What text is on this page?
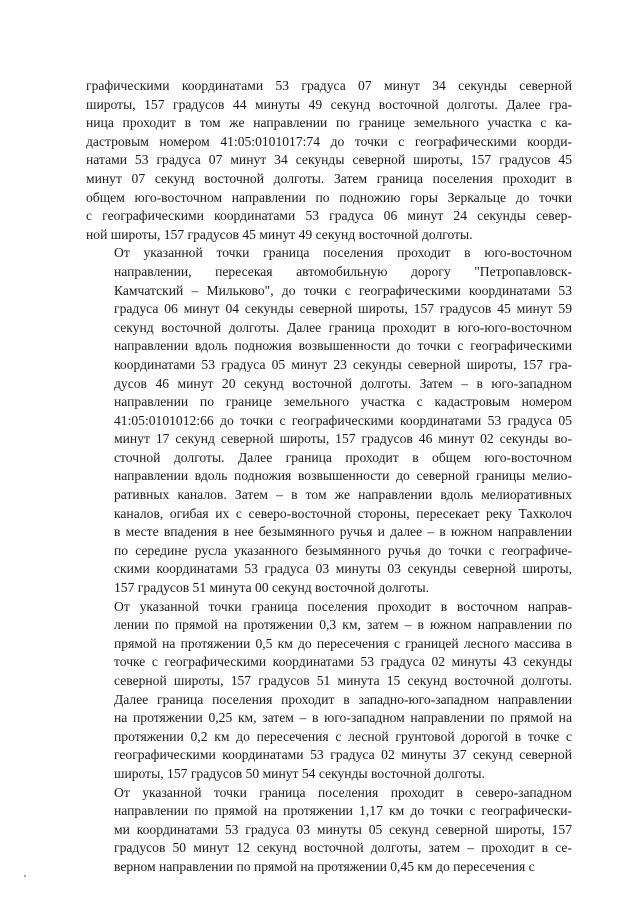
графическими координатами 53 градуса 07 минут 34 секунды северной
широты, 157 градусов 44 минуты 49 секунд восточной долготы. Далее гра-
ница проходит в том же направлении по границе земельного участка с ка-
дастровым номером 41:05:0101017:74 до точки с географическими коорди-
натами 53 градуса 07 минут 34 секунды северной широты, 157 градусов 45
минут 07 секунд восточной долготы. Затем граница поселения проходит в
общем юго-восточном направлении по подножию горы Зеркальце до точки
с географическими координатами 53 градуса 06 минут 24 секунды север-
ной широты, 157 градусов 45 минут 49 секунд восточной долготы.
От указанной точки граница поселения проходит в юго-восточном
направлении, пересекая автомобильную дорогу "Петропавловск-
Камчатский – Мильково", до точки с географическими координатами 53
градуса 06 минут 04 секунды северной широты, 157 градусов 45 минут 59
секунд восточной долготы. Далее граница проходит в юго-юго-восточном
направлении вдоль подножия возвышенности до точки с географическими
координатами 53 градуса 05 минут 23 секунды северной широты, 157 гра-
дусов 46 минут 20 секунд восточной долготы. Затем – в юго-западном
направлении по границе земельного участка с кадастровым номером
41:05:0101012:66 до точки с географическими координатами 53 градуса 05
минут 17 секунд северной широты, 157 градусов 46 минут 02 секунды во-
сточной долготы. Далее граница проходит в общем юго-восточном
направлении вдоль подножия возвышенности до северной границы мелио-
ративных каналов. Затем – в том же направлении вдоль мелиоративных
каналов, огибая их с северо-восточной стороны, пересекает реку Тахколоч
в месте впадения в нее безымянного ручья и далее – в южном направлении
по середине русла указанного безымянного ручья до точки с географиче-
скими координатами 53 градуса 03 минуты 03 секунды северной широты,
157 градусов 51 минута 00 секунд восточной долготы.
От указанной точки граница поселения проходит в восточном направ-
лении по прямой на протяжении 0,3 км, затем – в южном направлении по
прямой на протяжении 0,5 км до пересечения с границей лесного массива в
точке с географическими координатами 53 градуса 02 минуты 43 секунды
северной широты, 157 градусов 51 минута 15 секунд восточной долготы.
Далее граница поселения проходит в западно-юго-западном направлении
на протяжении 0,25 км, затем – в юго-западном направлении по прямой на
протяжении 0,2 км до пересечения с лесной грунтовой дорогой в точке с
географическими координатами 53 градуса 02 минуты 37 секунд северной
широты, 157 градусов 50 минут 54 секунды восточной долготы.
От указанной точки граница поселения проходит в северо-западном
направлении по прямой на протяжении 1,17 км до точки с географически-
ми координатами 53 градуса 03 минуты 05 секунд северной широты, 157
градусов 50 минут 12 секунд восточной долготы, затем – проходит в се-
верном направлении по прямой на протяжении 0,45 км до пересечения с
